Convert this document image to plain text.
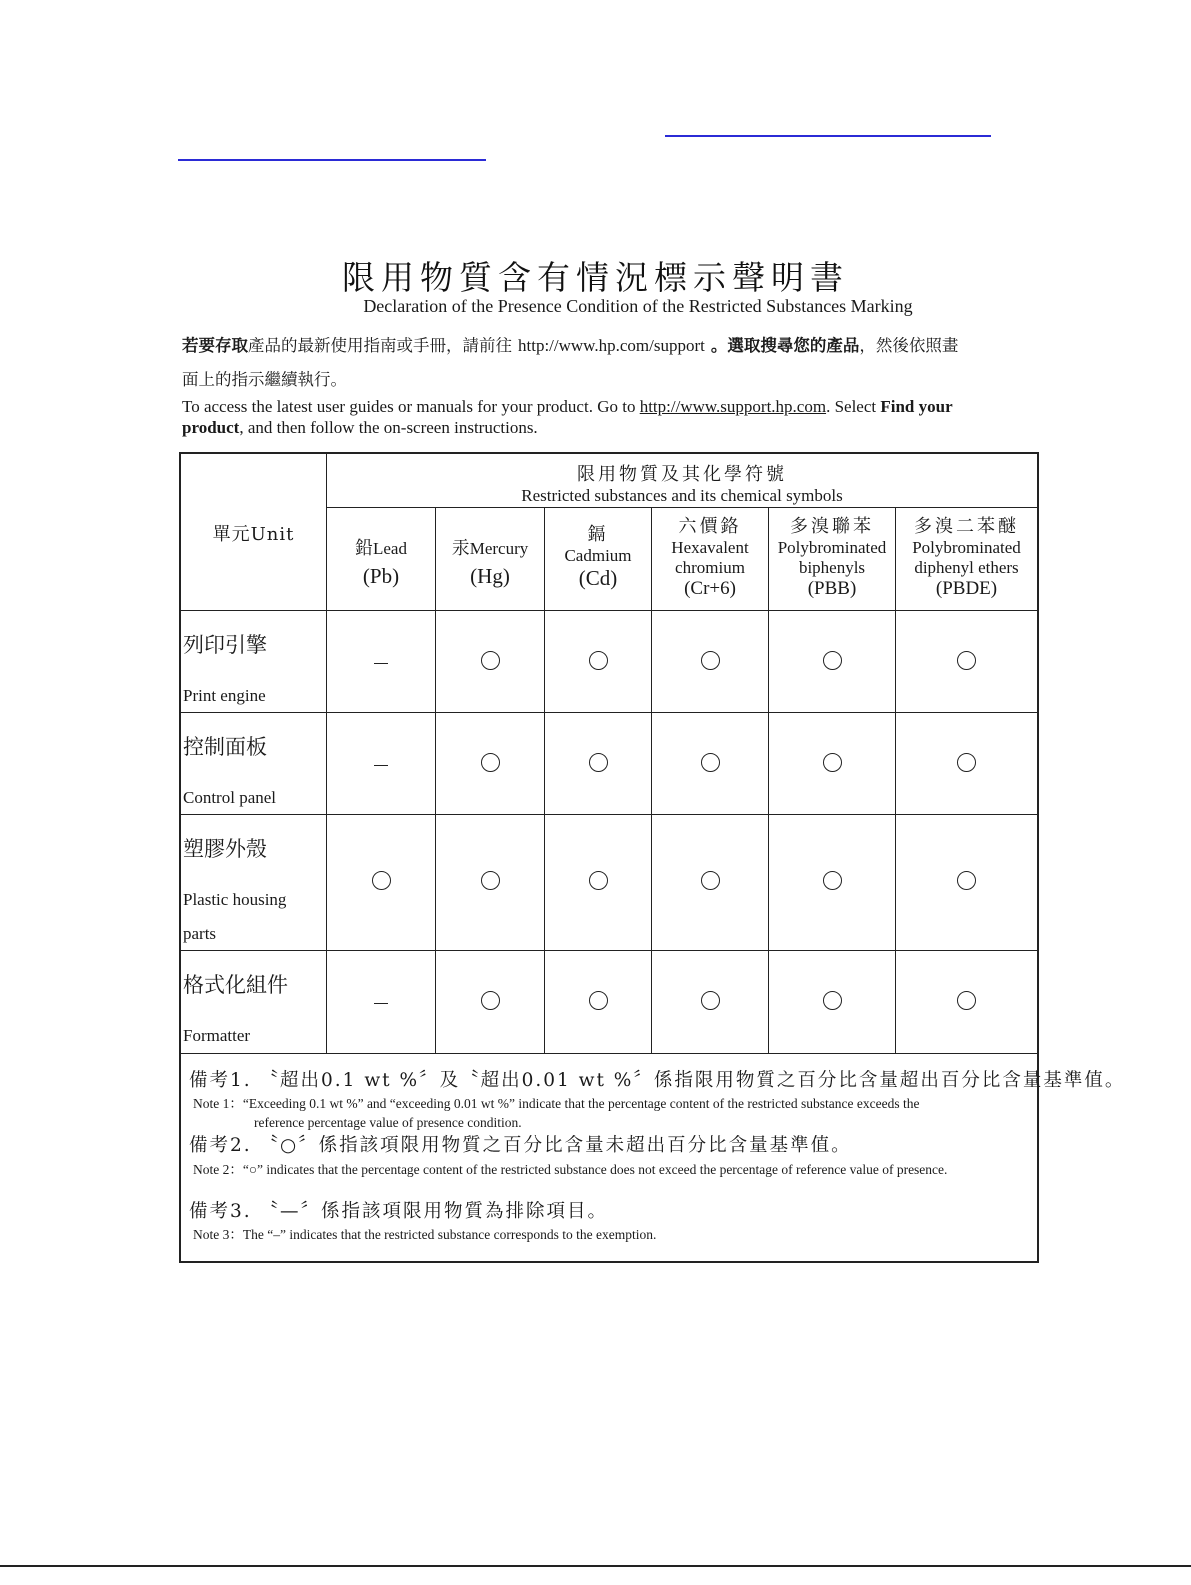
限用物質含有情況標示聲明書
Declaration of the Presence Condition of the Restricted Substances Marking
若要存取產品的最新使用指南或手冊，請前往 http://www.hp.com/support 。選取搜尋您的產品，然後依照畫
面上的指示繼續執行。
To access the latest user guides or manuals for your product. Go to http://www.support.hp.com. Select Find your
product, and then follow the on-screen instructions.
單元Unit
限用物質及其化學符號
Restricted substances and its chemical symbols
鉛Lead
(Pb)
汞Mercury
(Hg)
鎘
Cadmium
(Cd)
六價鉻
Hexavalent
chromium
(Cr+6)
多溴聯苯
Polybrominated
biphenyls
(PBB)
多溴二苯醚
Polybrominated
diphenyl ethers
(PBDE)
列印引擎
Print engine
控制面板
Control panel
塑膠外殼
Plastic housing
parts
格式化組件
Formatter
備考1. 〝超出0.1 wt %〞及〝超出0.01 wt %〞係指限用物質之百分比含量超出百分比含量基準值。
Note 1：“Exceeding 0.1 wt %” and “exceeding 0.01 wt %” indicate that the percentage content of the restricted substance exceeds the
reference percentage value of presence condition.
備考2. 〝○〞係指該項限用物質之百分比含量未超出百分比含量基準值。
Note 2：“○” indicates that the percentage content of the restricted substance does not exceed the percentage of reference value of presence.
備考3. 〝—〞係指該項限用物質為排除項目。
Note 3：The “–” indicates that the restricted substance corresponds to the exemption.
